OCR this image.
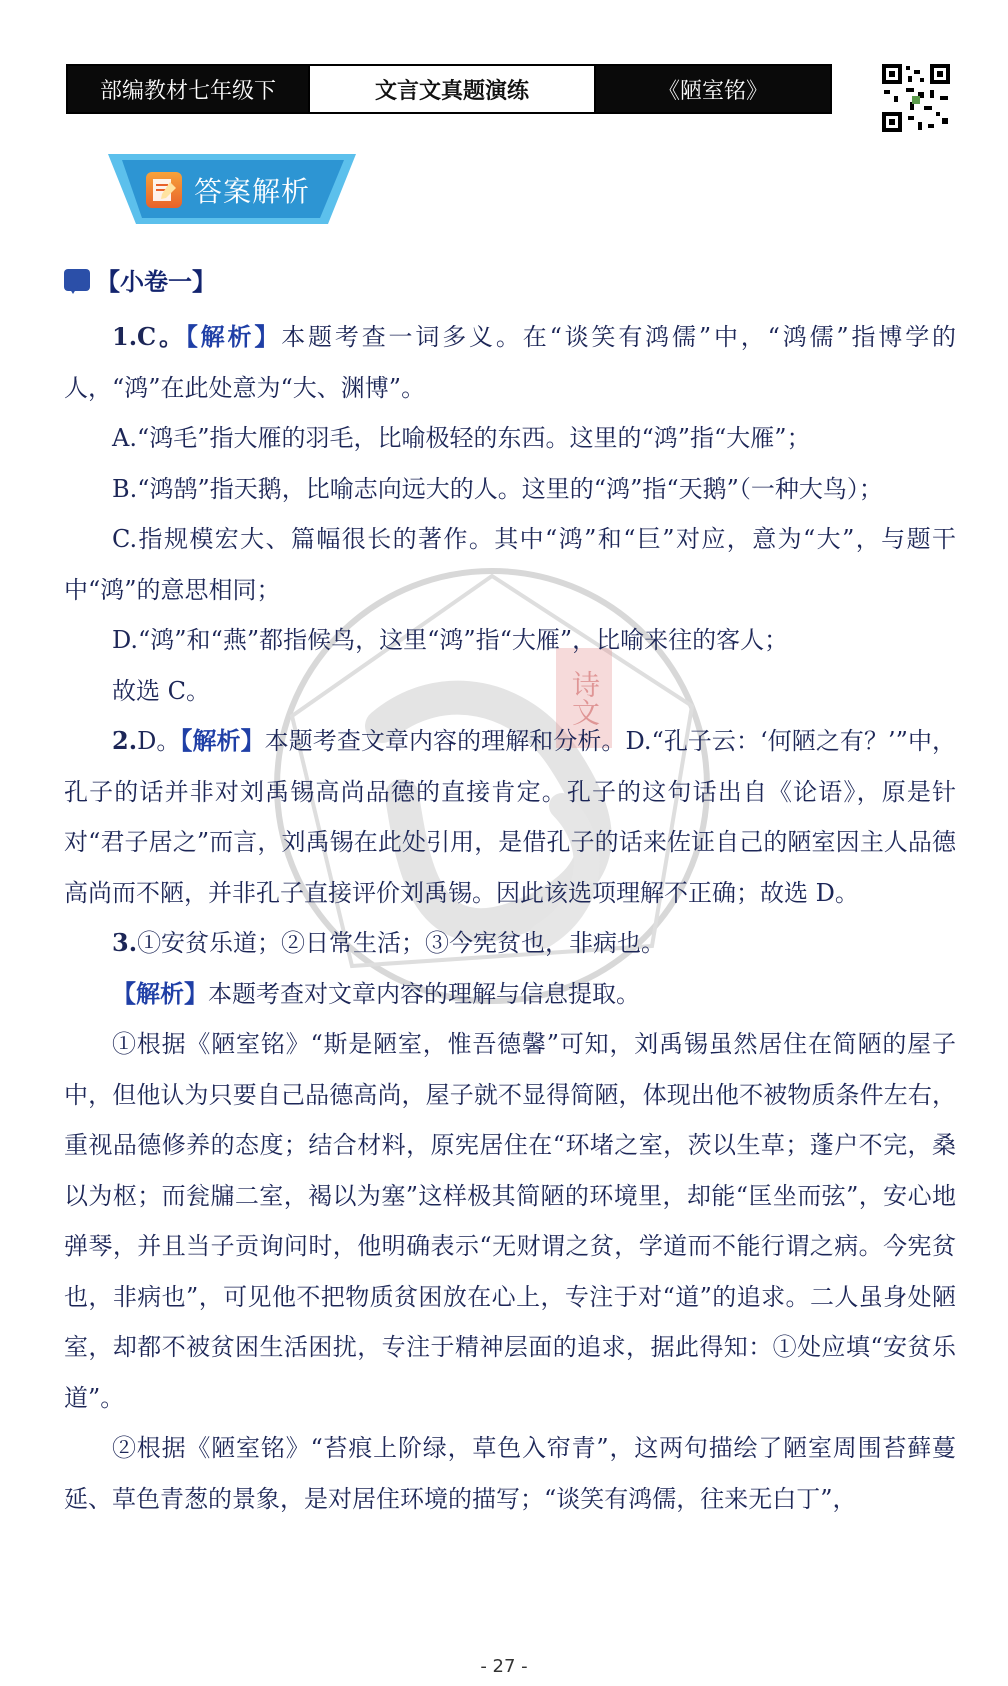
部编教材七年级下	文言文真题演练	《陋室铭》
答案解析
【小卷一】
诗文

1.C。【解析】本题考查一词多义。在“谈笑有鸿儒”中，“鸿儒”指博学的人，“鸿”在此处意为“大、渊博”。

A.“鸿毛”指大雁的羽毛，比喻极轻的东西。这里的“鸿”指“大雁”；

B.“鸿鹄”指天鹅，比喻志向远大的人。这里的“鸿”指“天鹅”（一种大鸟）；

C.指规模宏大、篇幅很长的著作。其中“鸿”和“巨”对应，意为“大”，与题干中“鸿”的意思相同；

D.“鸿”和“燕”都指候鸟，这里“鸿”指“大雁”，比喻来往的客人；

故选 C。

2.D。【解析】本题考查文章内容的理解和分析。D.“孔子云：‘何陋之有？’”中，孔子的话并非对刘禹锡高尚品德的直接肯定。孔子的这句话出自《论语》，原是针对“君子居之”而言，刘禹锡在此处引用，是借孔子的话来佐证自己的陋室因主人品德高尚而不陋，并非孔子直接评价刘禹锡。因此该选项理解不正确；故选 D。

3.①安贫乐道；②日常生活；③今宪贫也，非病也。

【解析】本题考查对文章内容的理解与信息提取。

①根据《陋室铭》“斯是陋室，惟吾德馨”可知，刘禹锡虽然居住在简陋的屋子中，但他认为只要自己品德高尚，屋子就不显得简陋，体现出他不被物质条件左右，重视品德修养的态度；结合材料，原宪居住在“环堵之室，茨以生草；蓬户不完，桑以为枢；而瓮牖二室，褐以为塞”这样极其简陋的环境里，却能“匡坐而弦”，安心地弹琴，并且当子贡询问时，他明确表示“无财谓之贫，学道而不能行谓之病。今宪贫也，非病也”，可见他不把物质贫困放在心上，专注于对“道”的追求。二人虽身处陋室，却都不被贫困生活困扰，专注于精神层面的追求，据此得知：①处应填“安贫乐道”。

②根据《陋室铭》“苔痕上阶绿，草色入帘青”，这两句描绘了陋室周围苔藓蔓延、草色青葱的景象，是对居住环境的描写；“谈笑有鸿儒，往来无白丁”，

- 27 -
